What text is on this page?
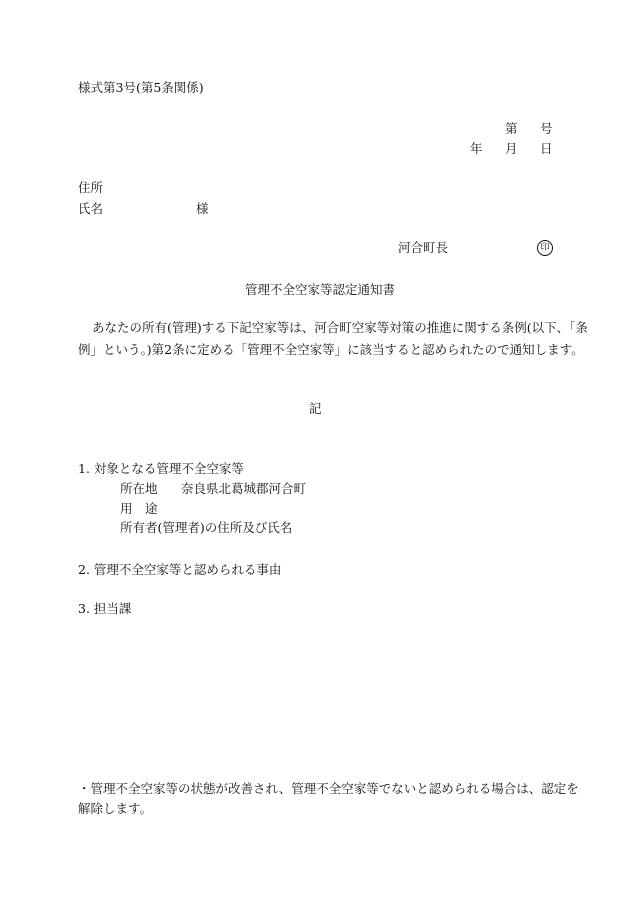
様式第3号(第5条関係)
第 号
年 月 日
住所
氏名	様
河合町長	印
管理不全空家等認定通知書
あなたの所有(管理)する下記空家等は、河合町空家等対策の推進に関する条例(以下、「条
例」という。)第2条に定める「管理不全空家等」に該当すると認められたので通知します。
記
1. 対象となる管理不全空家等
所在地 奈良県北葛城郡河合町
用　途
所有者(管理者)の住所及び氏名
2. 管理不全空家等と認められる事由
3. 担当課
・管理不全空家等の状態が改善され、管理不全空家等でないと認められる場合は、認定を
解除します。
